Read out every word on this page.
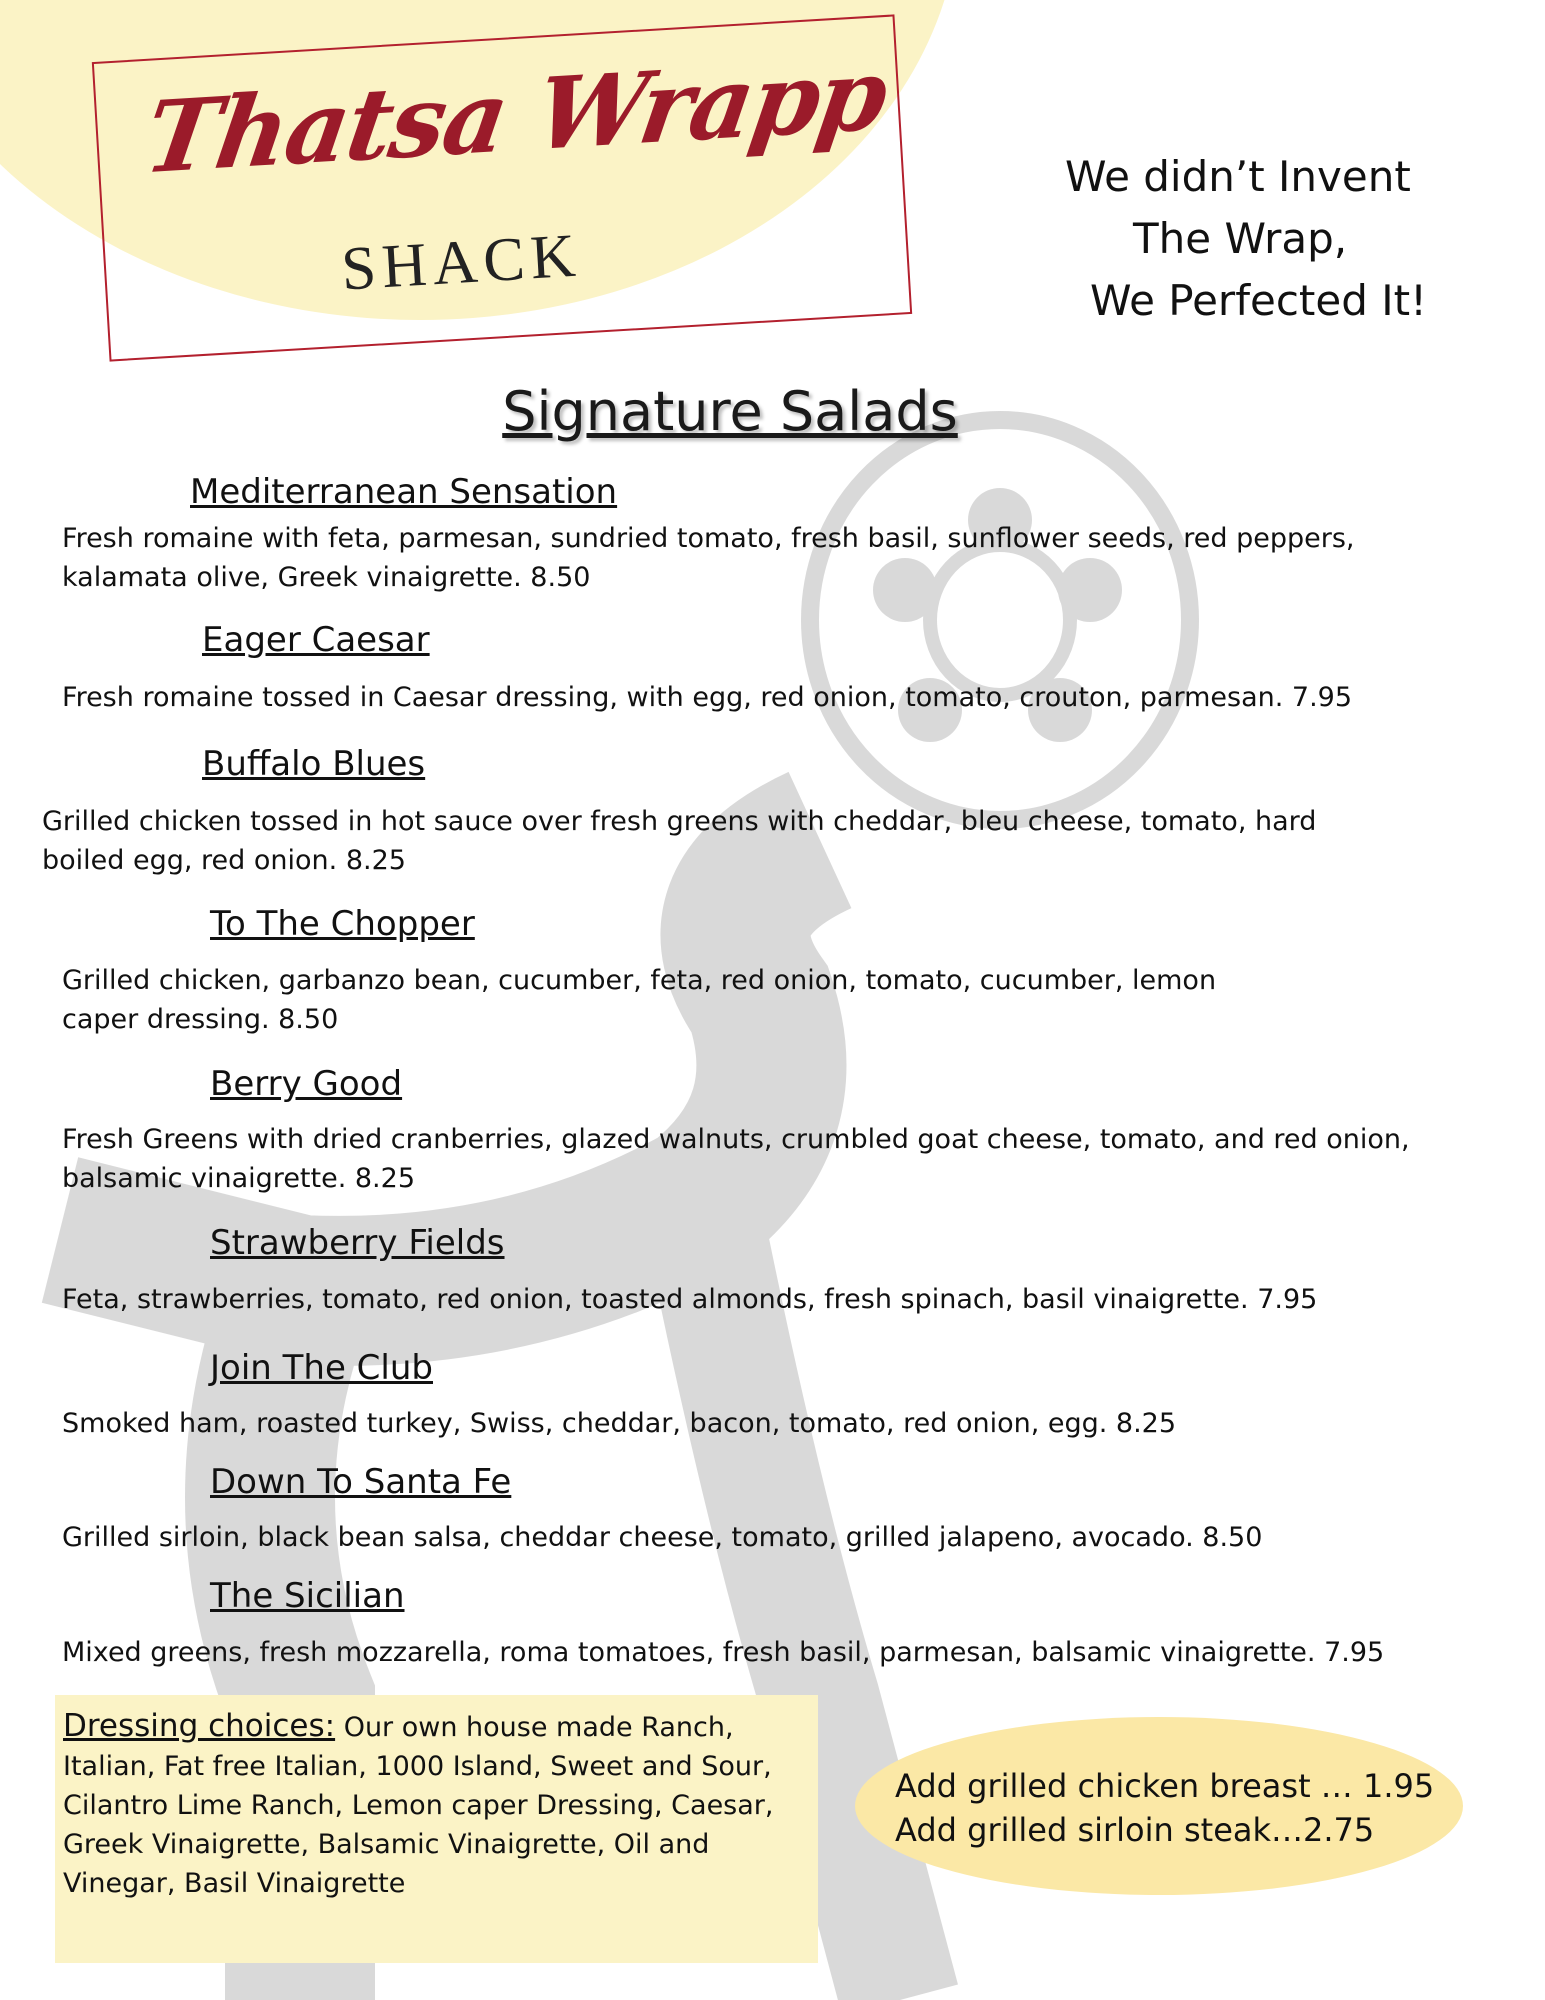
Thatsa Wrapp
SHACK
We didn’t Invent
The Wrap,
We Perfected It!
Signature Salads
Mediterranean Sensation
Fresh romaine with feta, parmesan, sundried tomato, fresh basil, sunflower seeds, red peppers, kalamata olive, Greek vinaigrette. 8.50
Eager Caesar
Fresh romaine tossed in Caesar dressing, with egg, red onion, tomato, crouton, parmesan. 7.95
Buffalo Blues
Grilled chicken tossed in hot sauce over fresh greens with cheddar, bleu cheese, tomato, hard boiled egg, red onion. 8.25
To The Chopper
Grilled chicken, garbanzo bean, cucumber, feta, red onion, tomato, cucumber, lemon caper dressing. 8.50
Berry Good
Fresh Greens with dried cranberries, glazed walnuts, crumbled goat cheese, tomato, and red onion, balsamic vinaigrette. 8.25
Strawberry Fields
Feta, strawberries, tomato, red onion, toasted almonds, fresh spinach, basil vinaigrette. 7.95
Join The Club
Smoked ham, roasted turkey, Swiss, cheddar, bacon, tomato, red onion, egg. 8.25
Down To Santa Fe
Grilled sirloin, black bean salsa, cheddar cheese, tomato, grilled jalapeno, avocado. 8.50
The Sicilian
Mixed greens, fresh mozzarella, roma tomatoes, fresh basil, parmesan, balsamic vinaigrette. 7.95
Dressing choices: Our own house made Ranch, Italian, Fat free Italian, 1000 Island, Sweet and Sour, Cilantro Lime Ranch, Lemon caper Dressing, Caesar, Greek Vinaigrette, Balsamic Vinaigrette, Oil and Vinegar, Basil Vinaigrette
Add grilled chicken breast … 1.95
Add grilled sirloin steak…2.75
